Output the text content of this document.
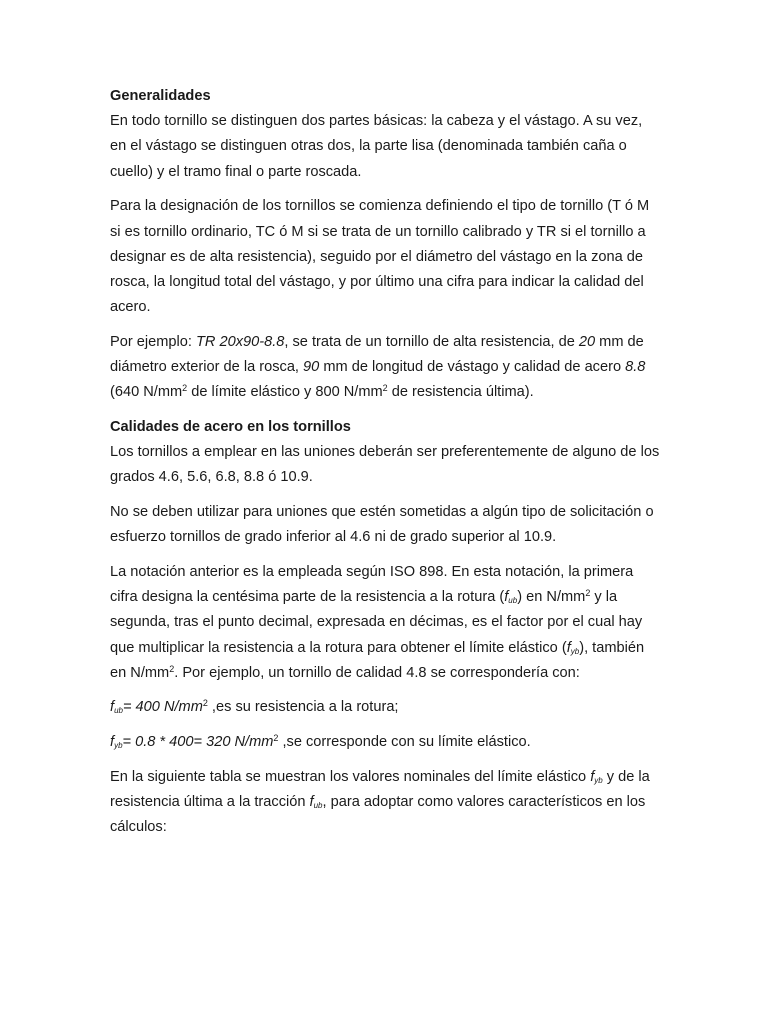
Generalidades

En todo tornillo se distinguen dos partes básicas: la cabeza y el vástago. A su vez, en el vástago se distinguen otras dos, la parte lisa (denominada también caña o cuello) y el tramo final o parte roscada.

Para la designación de los tornillos se comienza definiendo el tipo de tornillo (T ó M si es tornillo ordinario, TC ó M si se trata de un tornillo calibrado y TR si el tornillo a designar es de alta resistencia), seguido por el diámetro del vástago en la zona de rosca, la longitud total del vástago, y por último una cifra para indicar la calidad del acero.

Por ejemplo: TR 20x90-8.8, se trata de un tornillo de alta resistencia, de 20 mm de diámetro exterior de la rosca, 90 mm de longitud de vástago y calidad de acero 8.8 (640 $N/mm^2$ de límite elástico y 800 $N/mm^2$ de resistencia última).

Calidades de acero en los tornillos

Los tornillos a emplear en las uniones deberán ser preferentemente de alguno de los grados 4.6, 5.6, 6.8, 8.8 ó 10.9.

No se deben utilizar para uniones que estén sometidas a algún tipo de solicitación o esfuerzo tornillos de grado inferior al 4.6 ni de grado superior al 10.9.

La notación anterior es la empleada según ISO 898. En esta notación, la primera cifra designa la centésima parte de la resistencia a la rotura $(f_{ub})$ en $N/mm^2$ y la segunda, tras el punto decimal, expresada en décimas, es el factor por el cual hay que multiplicar la resistencia a la rotura para obtener el límite elástico $(f_{yb})$, también en $N/mm^2$. Por ejemplo, un tornillo de calidad 4.8 se correspondería con:

$f_{ub}= 400$ $N/mm^2$ ,es su resistencia a la rotura;

$f_{yb}= 0.8 * 400= 320$ $N/mm^2$ ,se corresponde con su límite elástico.

En la siguiente tabla se muestran los valores nominales del límite elástico $f_{yb}$ y de la resistencia última a la tracción $f_{ub}$, para adoptar como valores característicos en los cálculos:
